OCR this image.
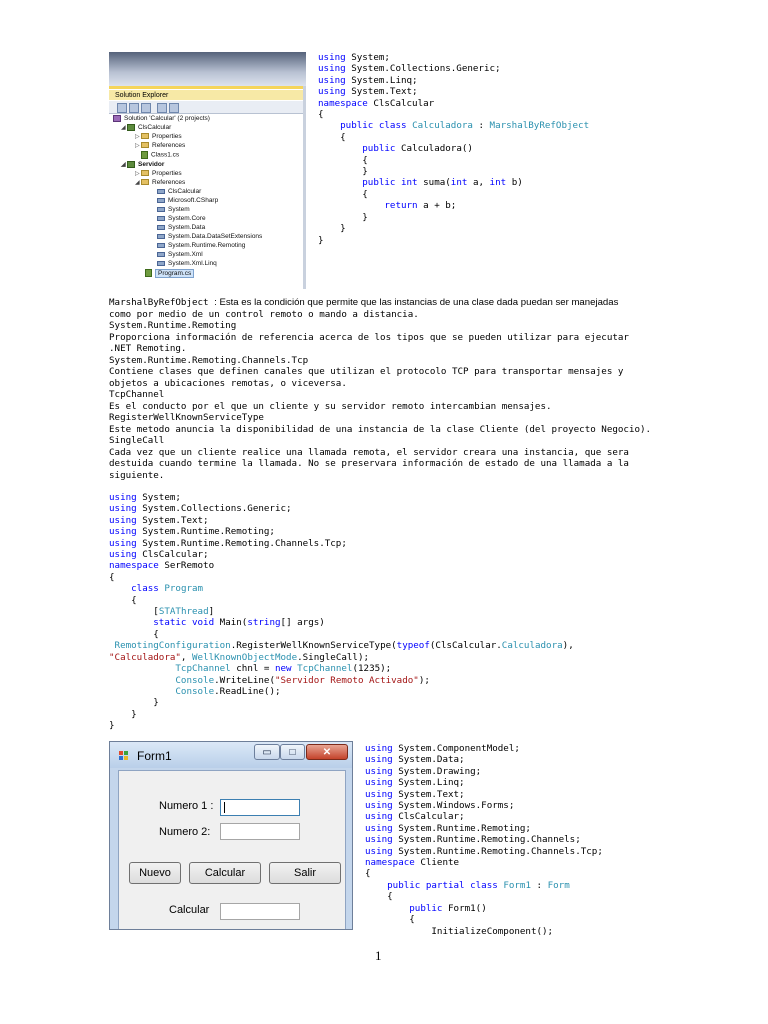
Solution Explorer
Solution 'Calcular' (2 projects)
◢ ClsCalcular
▷ Properties
▷ References
Class1.cs
◢ Servidor
▷ Properties
◢ References
ClsCalcular
Microsoft.CSharp
System
System.Core
System.Data
System.Data.DataSetExtensions
System.Runtime.Remoting
System.Xml
System.Xml.Linq
Program.cs
using System;
using System.Collections.Generic;
using System.Linq;
using System.Text;
namespace ClsCalcular
{
public class Calculadora : MarshalByRefObject
{
public Calculadora()
{
}
public int suma(int a, int b)
{
return a + b;
}
}
}
MarshalByRefObject : Esta es la condición que permite que las instancias de una clase dada puedan ser manejadas
como por medio de un control remoto o mando a distancia.
System.Runtime.Remoting
Proporciona información de referencia acerca de los tipos que se pueden utilizar para ejecutar
.NET Remoting.
System.Runtime.Remoting.Channels.Tcp
Contiene clases que definen canales que utilizan el protocolo TCP para transportar mensajes y
objetos a ubicaciones remotas, o viceversa.
TcpChannel
Es el conducto por el que un cliente y su servidor remoto intercambian mensajes.
RegisterWellKnownServiceType
Este metodo anuncia la disponibilidad de una instancia de la clase Cliente (del proyecto Negocio).
SingleCall
Cada vez que un cliente realice una llamada remota, el servidor creara una instancia, que sera
destuida cuando termine la llamada. No se preservara información de estado de una llamada a la
siguiente.
using System;
using System.Collections.Generic;
using System.Text;
using System.Runtime.Remoting;
using System.Runtime.Remoting.Channels.Tcp;
using ClsCalcular;
namespace SerRemoto
{
class Program
{
[STAThread]
static void Main(string[] args)
{
RemotingConfiguration.RegisterWellKnownServiceType(typeof(ClsCalcular.Calculadora),
"Calculadora", WellKnownObjectMode.SingleCall);
TcpChannel chnl = new TcpChannel(1235);
Console.WriteLine("Servidor Remoto Activado");
Console.ReadLine();
}
}
}
Form1	▭	□	✕
Numero 1 :
Numero 2:
Nuevo	Calcular	Salir
Calcular
using System.ComponentModel;
using System.Data;
using System.Drawing;
using System.Linq;
using System.Text;
using System.Windows.Forms;
using ClsCalcular;
using System.Runtime.Remoting;
using System.Runtime.Remoting.Channels;
using System.Runtime.Remoting.Channels.Tcp;
namespace Cliente
{
public partial class Form1 : Form
{
public Form1()
{
InitializeComponent();
1
